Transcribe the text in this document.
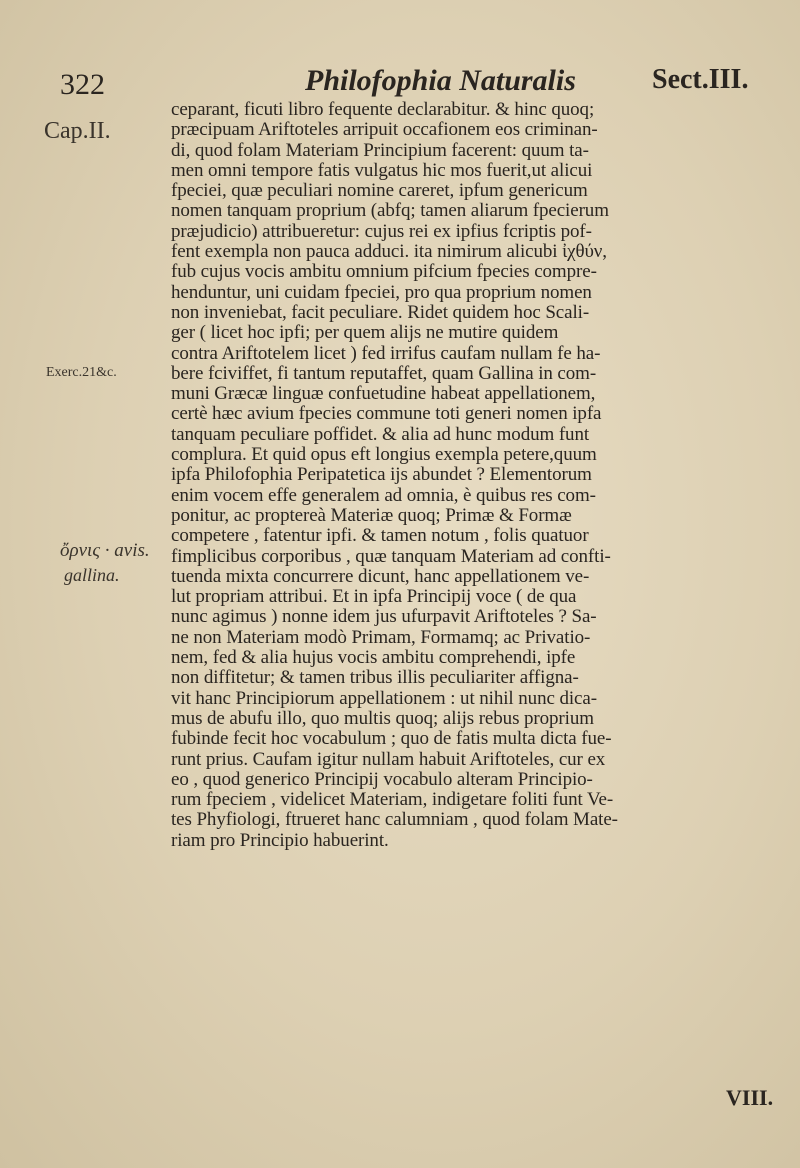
322	Philofophia Naturalis	Sect.III.
Cap.II.
Exerc.21&c.
ὄρνις · avis.
gallina.
ceparant, ficuti libro fequente declarabitur. & hinc quoq;
præcipuam Ariftoteles arripuit occafionem eos criminan-
di, quod folam Materiam Principium facerent: quum ta-
men omni tempore fatis vulgatus hic mos fuerit,ut alicui
fpeciei, quæ peculiari nomine careret, ipfum genericum
nomen tanquam proprium (abfq; tamen aliarum fpecierum
præjudicio) attribueretur: cujus rei ex ipfius fcriptis pof-
fent exempla non pauca adduci. ita nimirum alicubi ἰχθύν,
fub cujus vocis ambitu omnium pifcium fpecies compre-
henduntur, uni cuidam fpeciei, pro qua proprium nomen
non inveniebat, facit peculiare. Ridet quidem hoc Scali-
ger ( licet hoc ipfi; per quem alijs ne mutire quidem
contra Ariftotelem licet ) fed irrifus caufam nullam fe ha-
bere fciviffet, fi tantum reputaffet, quam Gallina in com-
muni Græcæ linguæ confuetudine habeat appellationem,
certè hæc avium fpecies commune toti generi nomen ipfa
tanquam peculiare poffidet. & alia ad hunc modum funt
complura. Et quid opus eft longius exempla petere,quum
ipfa Philofophia Peripatetica ijs abundet ? Elementorum
enim vocem effe generalem ad omnia, è quibus res com-
ponitur, ac proptereà Materiæ quoq; Primæ & Formæ
competere , fatentur ipfi. & tamen notum , folis quatuor
fimplicibus corporibus , quæ tanquam Materiam ad confti-
tuenda mixta concurrere dicunt, hanc appellationem ve-
lut propriam attribui. Et in ipfa Principij voce ( de qua
nunc agimus ) nonne idem jus ufurpavit Ariftoteles ? Sa-
ne non Materiam modò Primam, Formamq; ac Privatio-
nem, fed & alia hujus vocis ambitu comprehendi, ipfe
non diffitetur; & tamen tribus illis peculiariter affigna-
vit hanc Principiorum appellationem : ut nihil nunc dica-
mus de abufu illo, quo multis quoq; alijs rebus proprium
fubinde fecit hoc vocabulum ; quo de fatis multa dicta fue-
runt prius. Caufam igitur nullam habuit Ariftoteles, cur ex
eo , quod generico Principij vocabulo alteram Principio-
rum fpeciem , videlicet Materiam, indigetare foliti funt Ve-
tes Phyfiologi, ftrueret hanc calumniam , quod folam Mate-
riam pro Principio habuerint.
VIII.
